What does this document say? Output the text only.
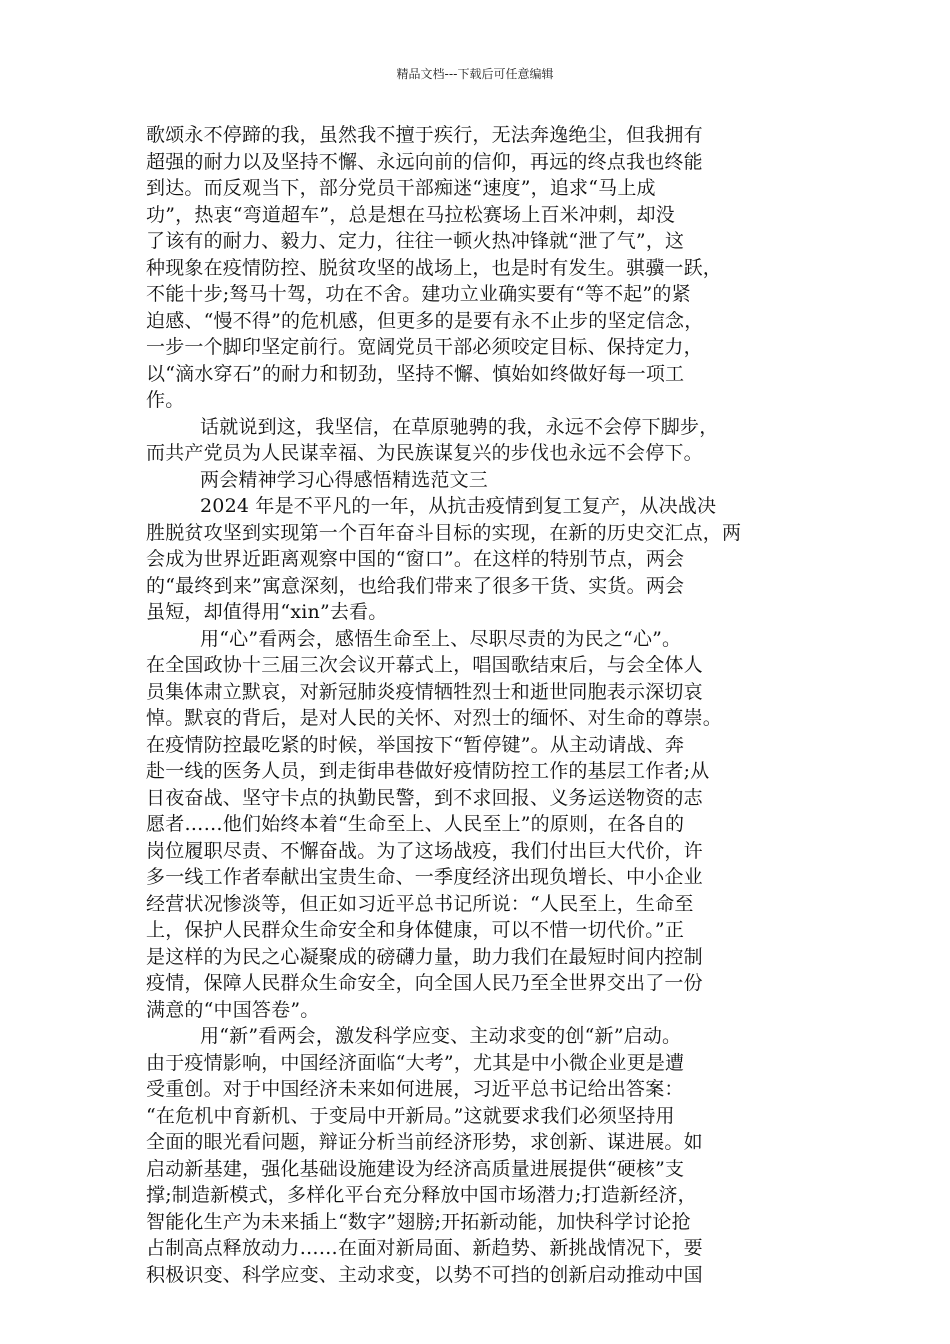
精品文档---下载后可任意编辑
歌颂永不停蹄的我，虽然我不擅于疾行，无法奔逸绝尘，但我拥有
超强的耐力以及坚持不懈、永远向前的信仰，再远的终点我也终能
到达。而反观当下，部分党员干部痴迷“速度”，追求“马上成
功”，热衷“弯道超车”，总是想在马拉松赛场上百米冲刺，却没
了该有的耐力、毅力、定力，往往一顿火热冲锋就“泄了气”，这
种现象在疫情防控、脱贫攻坚的战场上，也是时有发生。骐骥一跃，
不能十步;驽马十驾，功在不舍。建功立业确实要有“等不起”的紧
迫感、“慢不得”的危机感，但更多的是要有永不止步的坚定信念，
一步一个脚印坚定前行。宽阔党员干部必须咬定目标、保持定力，
以“滴水穿石”的耐力和韧劲，坚持不懈、慎始如终做好每一项工
作。
话就说到这，我坚信，在草原驰骋的我，永远不会停下脚步，
而共产党员为人民谋幸福、为民族谋复兴的步伐也永远不会停下。
两会精神学习心得感悟精选范文三
2024 年是不平凡的一年，从抗击疫情到复工复产，从决战决
胜脱贫攻坚到实现第一个百年奋斗目标的实现，在新的历史交汇点，两
会成为世界近距离观察中国的“窗口”。在这样的特别节点，两会
的“最终到来”寓意深刻，也给我们带来了很多干货、实货。两会
虽短，却值得用“xin”去看。
用“心”看两会，感悟生命至上、尽职尽责的为民之“心”。
在全国政协十三届三次会议开幕式上，唱国歌结束后，与会全体人
员集体肃立默哀，对新冠肺炎疫情牺牲烈士和逝世同胞表示深切哀
悼。默哀的背后，是对人民的关怀、对烈士的缅怀、对生命的尊崇。
在疫情防控最吃紧的时候，举国按下“暂停键”。从主动请战、奔
赴一线的医务人员，到走街串巷做好疫情防控工作的基层工作者;从
日夜奋战、坚守卡点的执勤民警，到不求回报、义务运送物资的志
愿者……他们始终本着“生命至上、人民至上”的原则，在各自的
岗位履职尽责、不懈奋战。为了这场战疫，我们付出巨大代价，许
多一线工作者奉献出宝贵生命、一季度经济出现负增长、中小企业
经营状况惨淡等，但正如习近平总书记所说：“人民至上，生命至
上，保护人民群众生命安全和身体健康，可以不惜一切代价。”正
是这样的为民之心凝聚成的磅礴力量，助力我们在最短时间内控制
疫情，保障人民群众生命安全，向全国人民乃至全世界交出了一份
满意的“中国答卷”。
用“新”看两会，激发科学应变、主动求变的创“新”启动。
由于疫情影响，中国经济面临“大考”，尤其是中小微企业更是遭
受重创。对于中国经济未来如何进展，习近平总书记给出答案：
“在危机中育新机、于变局中开新局。”这就要求我们必须坚持用
全面的眼光看问题，辩证分析当前经济形势，求创新、谋进展。如
启动新基建，强化基础设施建设为经济高质量进展提供“硬核”支
撑;制造新模式，多样化平台充分释放中国市场潜力;打造新经济，
智能化生产为未来插上“数字”翅膀;开拓新动能，加快科学讨论抢
占制高点释放动力……在面对新局面、新趋势、新挑战情况下，要
积极识变、科学应变、主动求变，以势不可挡的创新启动推动中国
